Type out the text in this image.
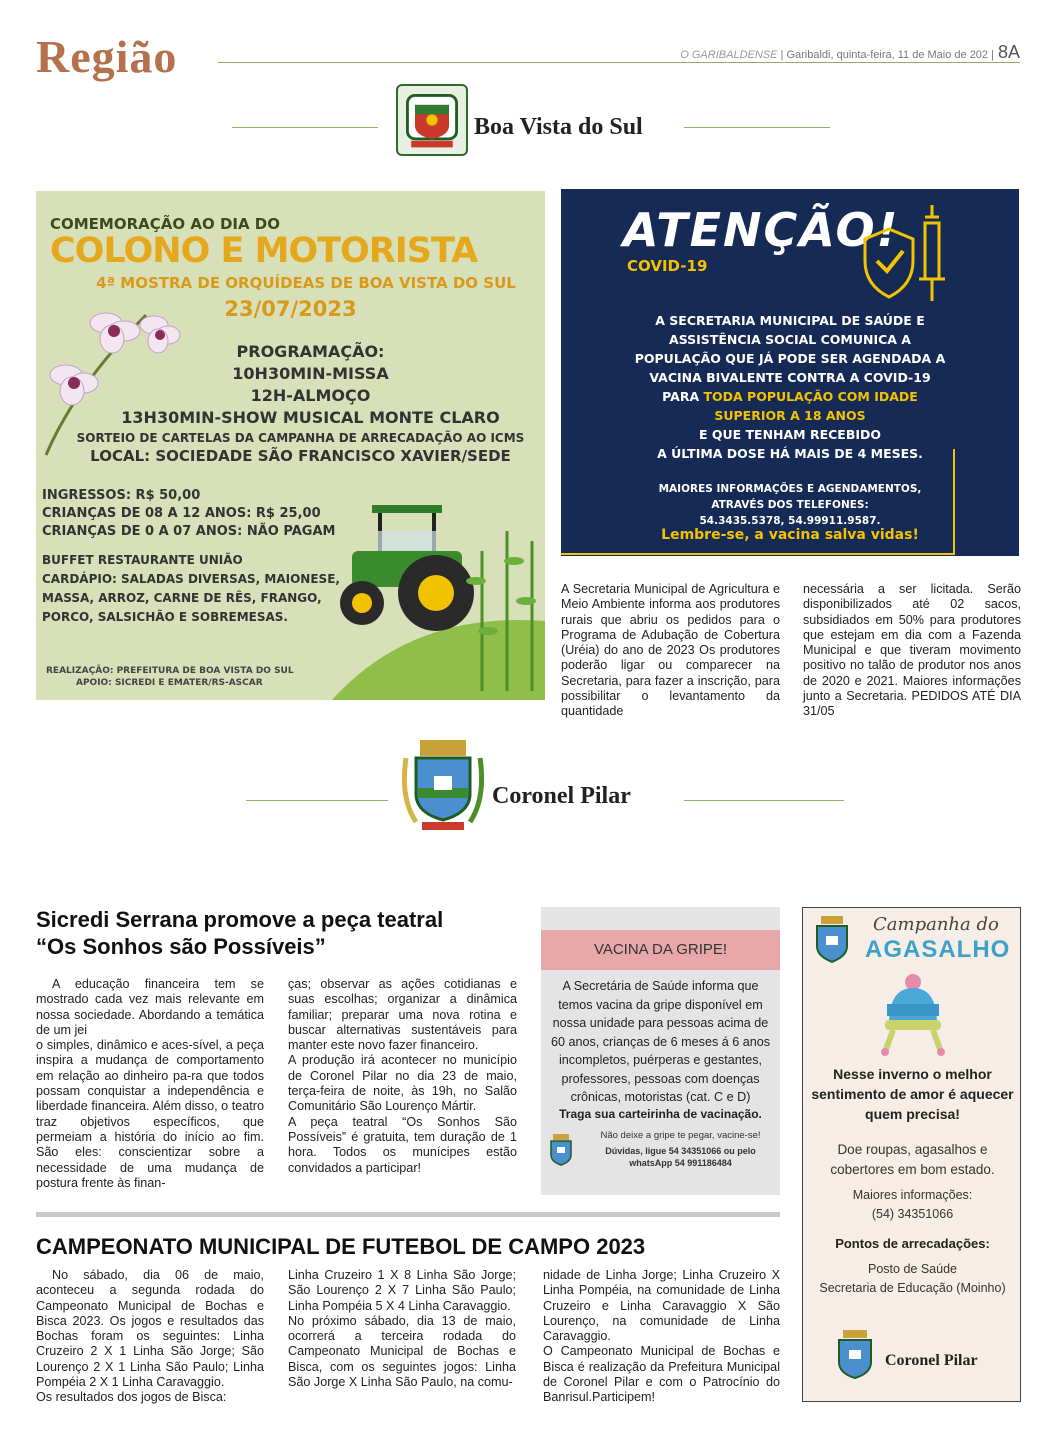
Região	O GARIBALDENSE | Garibaldi, quinta-feira, 11 de Maio de 202 | 8A
Boa Vista do Sul
COMEMORAÇÃO AO DIA DO
COLONO E MOTORISTA
4ª MOSTRA DE ORQUÍDEAS DE BOA VISTA DO SUL
23/07/2023
PROGRAMAÇÃO:
10H30MIN-MISSA
12H-ALMOÇO
13H30MIN-SHOW MUSICAL MONTE CLARO
SORTEIO DE CARTELAS DA CAMPANHA DE ARRECADAÇÃO AO ICMS
LOCAL: SOCIEDADE SÃO FRANCISCO XAVIER/SEDE
INGRESSOS: R$ 50,00
CRIANÇAS DE 08 A 12 ANOS: R$ 25,00
CRIANÇAS DE 0 A 07 ANOS: NÃO PAGAM
BUFFET RESTAURANTE UNIÃO
CARDÁPIO: SALADAS DIVERSAS, MAIONESE,
MASSA, ARROZ, CARNE DE RÊS, FRANGO,
PORCO, SALSICHÃO E SOBREMESAS.
REALIZAÇÃO: PREFEITURA DE BOA VISTA DO SUL
APOIO: SICREDI E EMATER/RS-ASCAR
ATENÇÃO!
COVID-19
A SECRETARIA MUNICIPAL DE SAÚDE E
ASSISTÊNCIA SOCIAL COMUNICA A
POPULAÇÃO QUE JÁ PODE SER AGENDADA A
VACINA BIVALENTE CONTRA A COVID-19
PARA TODA POPULAÇÃO COM IDADE
SUPERIOR A 18 ANOS
E QUE TENHAM RECEBIDO
A ÚLTIMA DOSE HÁ MAIS DE 4 MESES.
MAIORES INFORMAÇÕES E AGENDAMENTOS,
ATRAVÉS DOS TELEFONES:
54.3435.5378, 54.99911.9587.
Lembre-se, a vacina salva vidas!
A Secretaria Municipal de Agricultura e Meio Ambiente informa aos produtores rurais que abriu os pedidos para o Programa de Adubação de Cobertura (Uréia) do ano de 2023 Os produtores poderão ligar ou comparecer na Secretaria, para fazer a inscrição, para possibilitar o levantamento da quantidade
necessária a ser licitada. Serão disponibilizados até 02 sacos, subsidiados em 50% para produtores que estejam em dia com a Fazenda Municipal e que tiveram movimento positivo no talão de produtor nos anos de 2020 e 2021. Maiores informações junto a Secretaria. PEDIDOS ATÉ DIA 31/05
Coronel Pilar
Sicredi Serrana promove a peça teatral
“Os Sonhos são Possíveis”
A educação financeira tem se mostrado cada vez mais relevante em nossa sociedade. Abordando a temática de um jei
o simples, dinâmico e aces-sível, a peça inspira a mudança de comportamento em relação ao dinheiro pa-ra que todos possam conquistar a independência e liberdade financeira. Além disso, o teatro traz objetivos específicos, que permeiam a história do início ao fim. São eles: conscientizar sobre a necessidade de uma mudança de postura frente às finan-
ças; observar as ações cotidianas e suas escolhas; organizar a dinâmica familiar; preparar uma nova rotina e buscar alternativas sustentáveis para manter este novo fazer financeiro.
A produção irá acontecer no município de Coronel Pilar no dia 23 de maio, terça-feira de noite, às 19h, no Salão Comunitário São Lourenço Mártir.
A peça teatral “Os Sonhos São Possíveis” é gratuita, tem duração de 1 hora. Todos os munícipes estão convidados a participar!
VACINA DA GRIPE!
A Secretária de Saúde informa que temos vacina da gripe disponível em nossa unidade para pessoas acima de 60 anos, crianças de 6 meses á 6 anos incompletos, puérperas e gestantes, professores, pessoas com doenças crônicas, motoristas (cat. C e D)
Traga sua carteirinha de vacinação.
Não deixe a gripe te pegar, vacine-se!
Dúvidas, ligue 54 34351066 ou pelo whatsApp 54 991186484
Campanha do
AGASALHO
Nesse inverno o melhor sentimento de amor é aquecer quem precisa!
Doe roupas, agasalhos e cobertores em bom estado.
Maiores informações:
(54) 34351066
Pontos de arrecadações:
Posto de Saúde
Secretaria de Educação (Moinho)
Coronel Pilar
CAMPEONATO MUNICIPAL DE FUTEBOL DE CAMPO 2023
No sábado, dia 06 de maio, aconteceu a segunda rodada do Campeonato Municipal de Bochas e Bisca 2023. Os jogos e resultados das Bochas foram os seguintes: Linha Cruzeiro 2 X 1 Linha São Jorge; São Lourenço 2 X 1 Linha São Paulo; Linha Pompéia 2 X 1 Linha Caravaggio.
Os resultados dos jogos de Bisca:
Linha Cruzeiro 1 X 8 Linha São Jorge; São Lourenço 2 X 7 Linha São Paulo; Linha Pompéia 5 X 4 Linha Caravaggio.
No próximo sábado, dia 13 de maio, ocorrerá a terceira rodada do Campeonato Municipal de Bochas e Bisca, com os seguintes jogos: Linha São Jorge X Linha São Paulo, na comu-
nidade de Linha Jorge; Linha Cruzeiro X Linha Pompéia, na comunidade de Linha Cruzeiro e Linha Caravaggio X São Lourenço, na comunidade de Linha Caravaggio.
O Campeonato Municipal de Bochas e Bisca é realização da Prefeitura Municipal de Coronel Pilar e com o Patrocínio do Banrisul.Participem!
